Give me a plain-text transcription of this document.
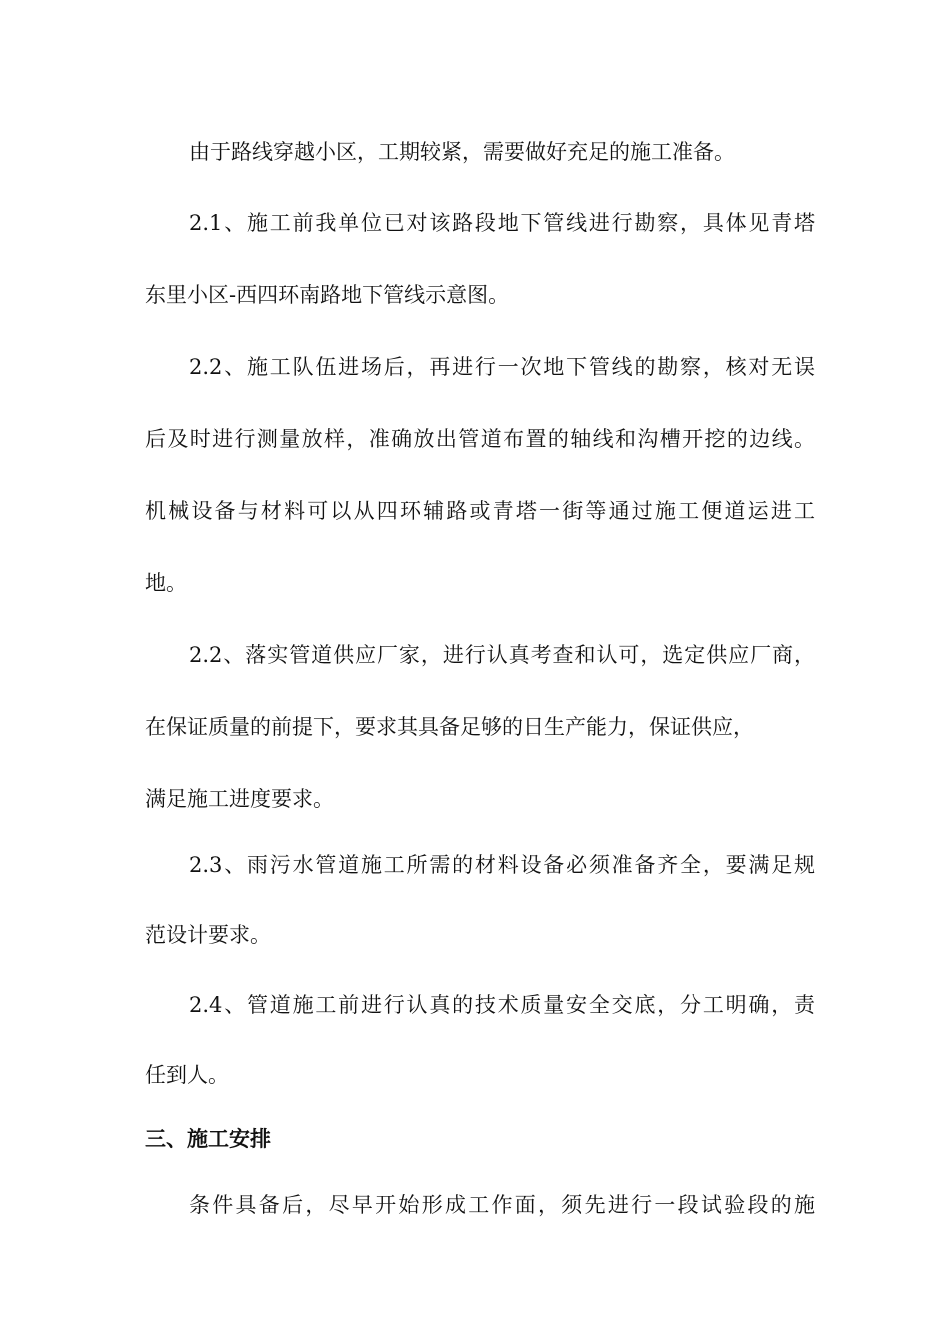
由于路线穿越小区，工期较紧，需要做好充足的施工准备。
2.1、施工前我单位已对该路段地下管线进行勘察，具体见青塔
东里小区-西四环南路地下管线示意图。
2.2、施工队伍进场后，再进行一次地下管线的勘察，核对无误
后及时进行测量放样，准确放出管道布置的轴线和沟槽开挖的边线。
机械设备与材料可以从四环辅路或青塔一街等通过施工便道运进工
地。
2.2、落实管道供应厂家，进行认真考查和认可，选定供应厂商，
在保证质量的前提下，要求其具备足够的日生产能力，保证供应，
满足施工进度要求。
2.3、雨污水管道施工所需的材料设备必须准备齐全，要满足规
范设计要求。
2.4、管道施工前进行认真的技术质量安全交底，分工明确，责
任到人。
三、施工安排
条件具备后，尽早开始形成工作面，须先进行一段试验段的施
